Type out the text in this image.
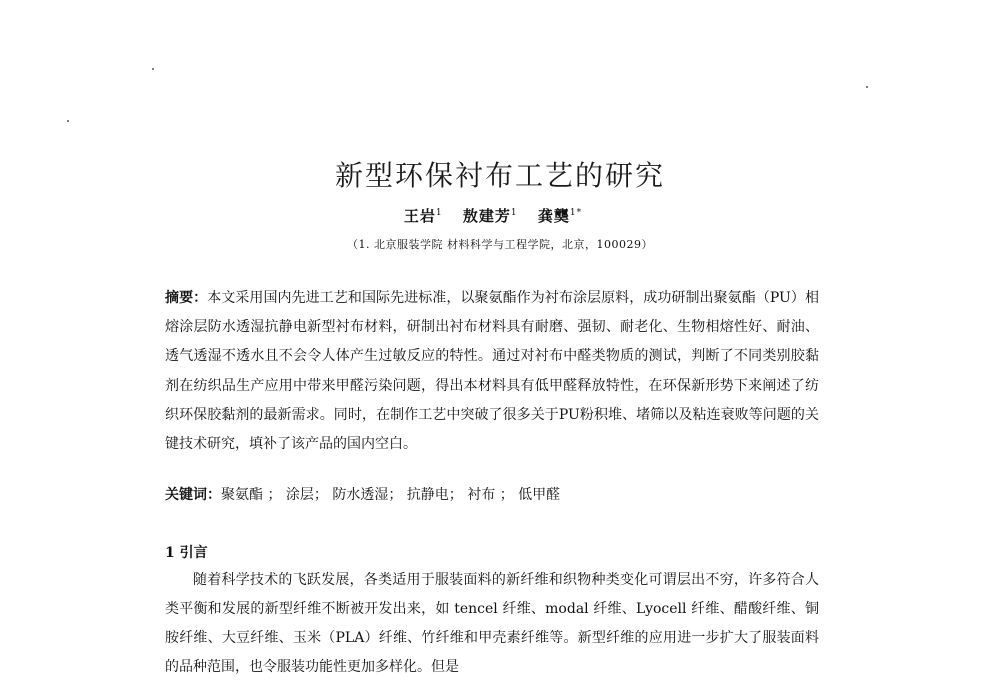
新型环保衬布工艺的研究
王岩$^1$ 敖建芳$^1$ 龚龑$^{1*}$
（1. 北京服装学院 材料科学与工程学院，北京，100029）
摘要：本文采用国内先进工艺和国际先进标准，以聚氨酯作为衬布涂层原料，成功研制出聚氨酯（PU）相熔涂层防水透湿抗静电新型衬布材料，研制出衬布材料具有耐磨、强韧、耐老化、生物相熔性好、耐油、透气透湿不透水且不会令人体产生过敏反应的特性。通过对衬布中醛类物质的测试，判断了不同类别胶黏剂在纺织品生产应用中带来甲醛污染问题，得出本材料具有低甲醛释放特性，在环保新形势下来阐述了纺织环保胶黏剂的最新需求。同时，在制作工艺中突破了很多关于PU粉积堆、堵筛以及粘连衰败等问题的关键技术研究，填补了该产品的国内空白。
关键词：聚氨酯 ； 涂层； 防水透湿； 抗静电； 衬布 ； 低甲醛
1 引言
随着科学技术的飞跃发展，各类适用于服装面料的新纤维和织物种类变化可谓层出不穷，许多符合人类平衡和发展的新型纤维不断被开发出来，如 tencel 纤维、modal 纤维、Lyocell 纤维、醋酸纤维、铜胺纤维、大豆纤维、玉米（PLA）纤维、竹纤维和甲壳素纤维等。新型纤维的应用进一步扩大了服装面料的品种范围，也令服装功能性更加多样化。但是
